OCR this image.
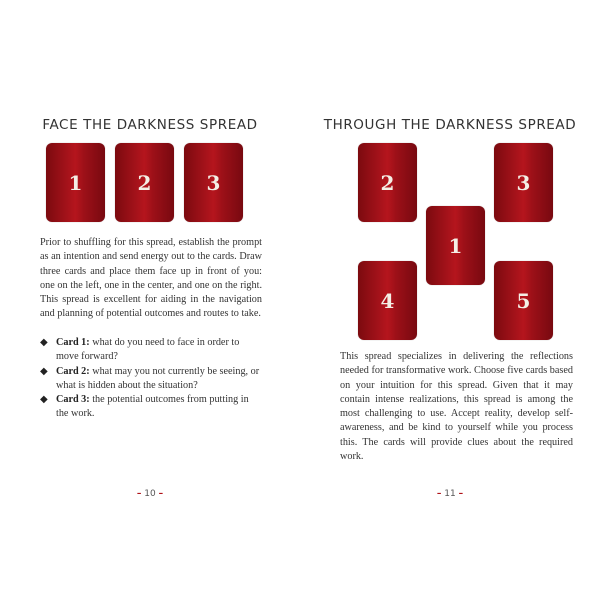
FACE THE DARKNESS SPREAD
1	2	3

Prior to shuffling for this spread, establish the prompt as an intention and send energy out to the cards. Draw three cards and place them face up in front of you: one on the left, one in the center, and one on the right. This spread is excellent for aiding in the navigation and planning of potential outcomes and routes to take.

◆ Card 1: what do you need to face in order to move forward?
◆ Card 2: what may you not currently be seeing, or what is hidden about the situation?
◆ Card 3: the potential outcomes from putting in the work.
– 10 –
THROUGH THE DARKNESS SPREAD
2	3
1
4	5

This spread specializes in delivering the reflections needed for transformative work. Choose five cards based on your intuition for this spread. Given that it may contain intense realizations, this spread is among the most challenging to use. Accept reality, develop self-awareness, and be kind to yourself while you process this. The cards will provide clues about the required work.

– 11 –
